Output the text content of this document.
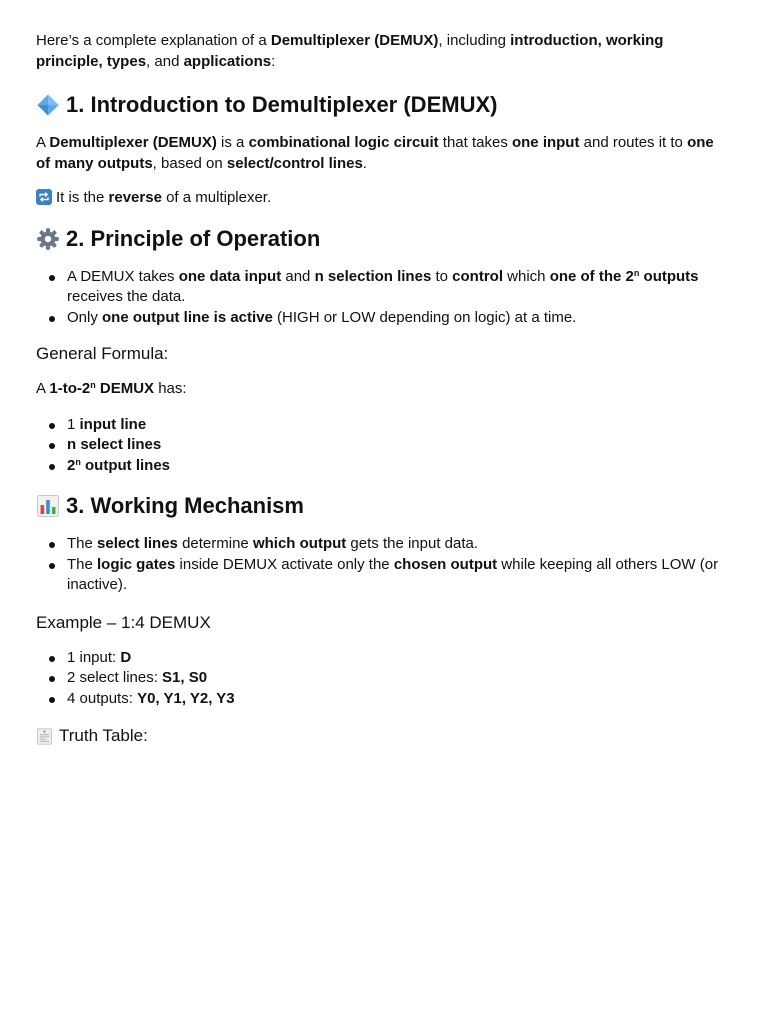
Here’s a complete explanation of a Demultiplexer (DEMUX), including introduction, working principle, types, and applications:

1. Introduction to Demultiplexer (DEMUX)

A Demultiplexer (DEMUX) is a combinational logic circuit that takes one input and routes it to one of many outputs, based on select/control lines.

It is the reverse of a multiplexer.

2. Principle of Operation
A DEMUX takes one data input and n selection lines to control which one of the 2$^n$ outputs receives the data.
Only one output line is active (HIGH or LOW depending on logic) at a time.
General Formula:

A 1-to-2$^n$ DEMUX has:

1 input line
n select lines
2$^n$ output lines
3. Working Mechanism
The select lines determine which output gets the input data.
The logic gates inside DEMUX activate only the chosen output while keeping all others LOW (or inactive).
Example – 1:4 DEMUX
1 input: D
2 select lines: S1, S0
4 outputs: Y0, Y1, Y2, Y3
Truth Table:
